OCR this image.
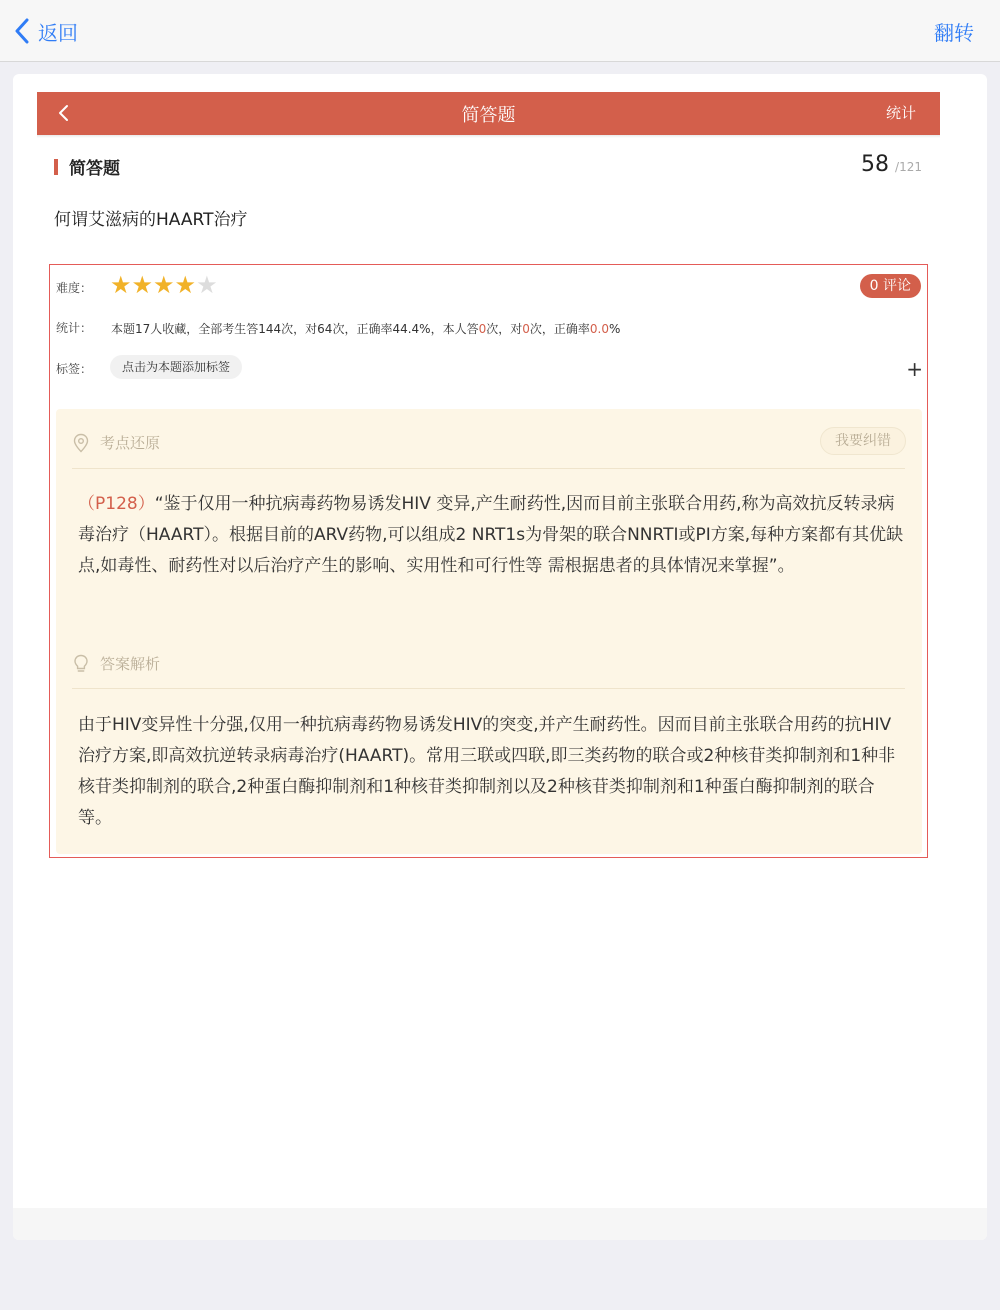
返回	翻转
简答题	统计
简答题	58 /121
何谓艾滋病的HAART治疗
难度： ★ ★ ★ ★ ★	0 评论
统计： 本题17人收藏，全部考生答144次，对64次，正确率44.4%，本人答0次，对0次，正确率0.0%
标签：	点击为本题添加标签	+
考点还原	我要纠错
（P128）“鉴于仅用一种抗病毒药物易诱发HIV 变异,产生耐药性,因而目前主张联合用药,称为高效抗反转录病毒治疗（HAART）。根据目前的ARV药物,可以组成2 NRT1s为骨架的联合NNRTI或PI方案,每种方案都有其优缺点,如毒性、耐药性对以后治疗产生的影响、实用性和可行性等 需根据患者的具体情况来掌握”。
答案解析
由于HIV变异性十分强,仅用一种抗病毒药物易诱发HIV的突变,并产生耐药性。因而目前主张联合用药的抗HIV治疗方案,即高效抗逆转录病毒治疗(HAART)。常用三联或四联,即三类药物的联合或2种核苷类抑制剂和1种非核苷类抑制剂的联合,2种蛋白酶抑制剂和1种核苷类抑制剂以及2种核苷类抑制剂和1种蛋白酶抑制剂的联合等。
